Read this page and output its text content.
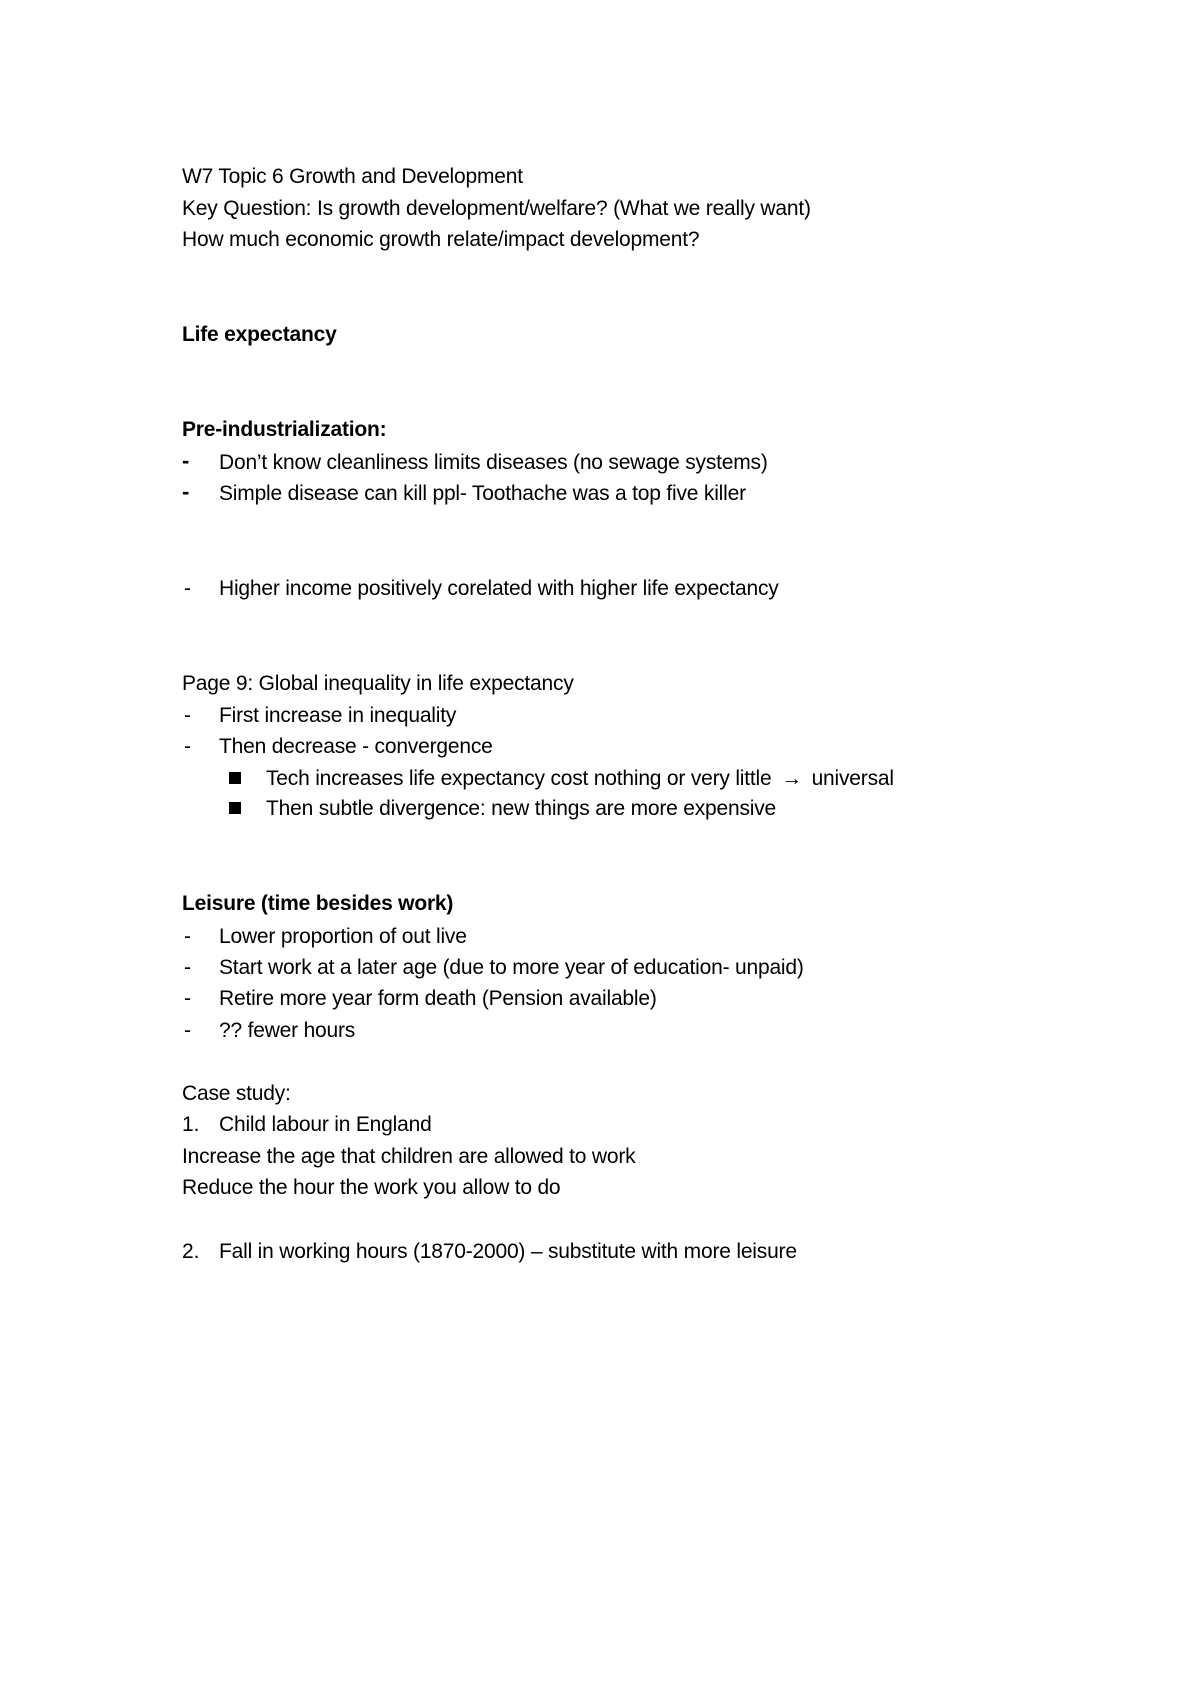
W7 Topic 6 Growth and Development
Key Question: Is growth development/welfare? (What we really want)
How much economic growth relate/impact development?
Life expectancy
Pre-industrialization:
- Don’t know cleanliness limits diseases (no sewage systems)
- Simple disease can kill ppl- Toothache was a top five killer
- Higher income positively corelated with higher life expectancy
Page 9: Global inequality in life expectancy
- First increase in inequality
- Then decrease - convergence
Tech increases life expectancy cost nothing or very little → universal
Then subtle divergence: new things are more expensive
Leisure (time besides work)
- Lower proportion of out live
- Start work at a later age (due to more year of education- unpaid)
- Retire more year form death (Pension available)
- ?? fewer hours
Case study:
1. Child labour in England
Increase the age that children are allowed to work
Reduce the hour the work you allow to do
2. Fall in working hours (1870-2000) – substitute with more leisure
